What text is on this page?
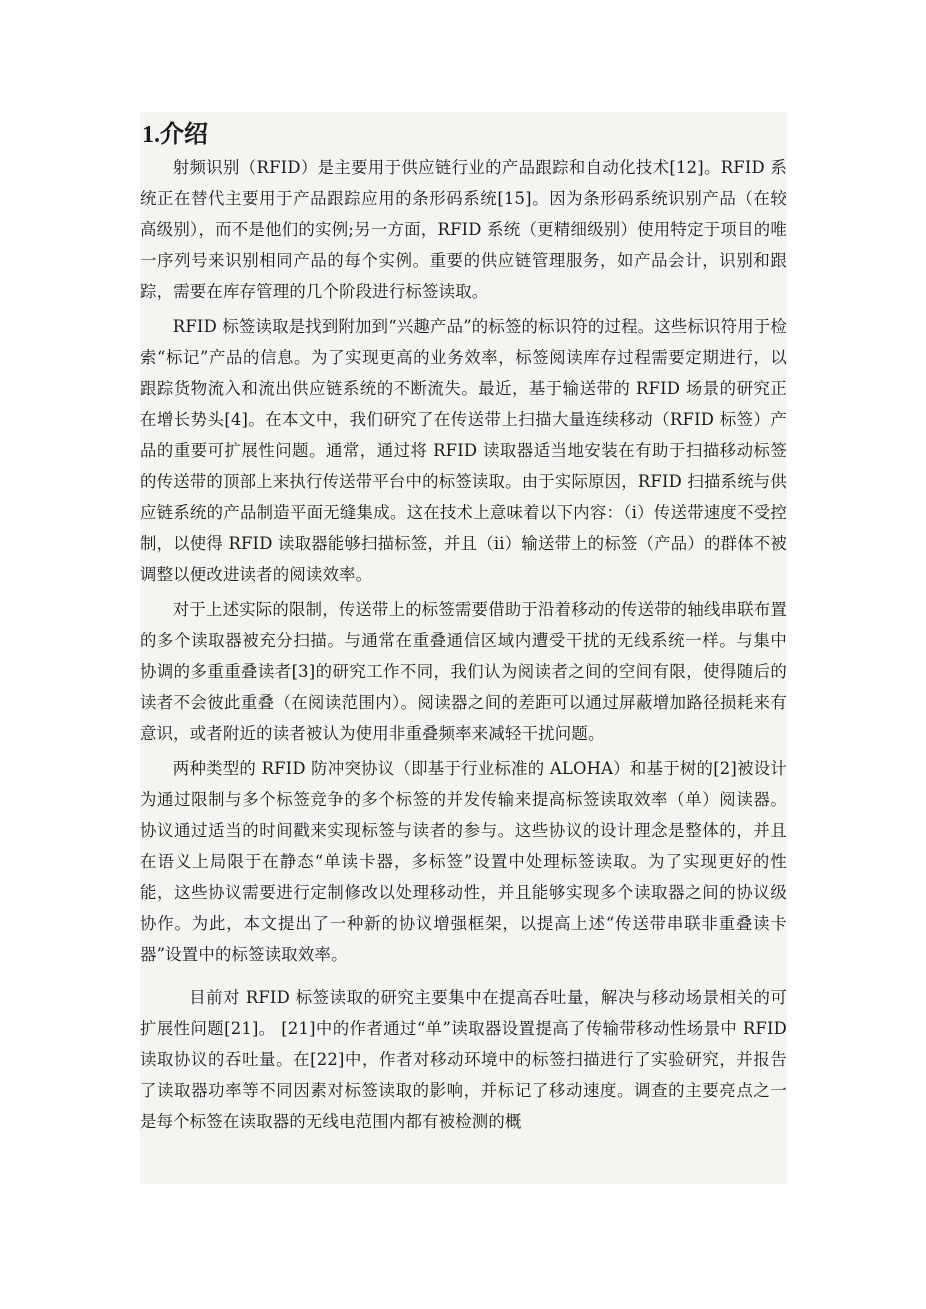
1.介绍

射频识别（RFID）是主要用于供应链行业的产品跟踪和自动化技术[12]。RFID 系统正在替代主要用于产品跟踪应用的条形码系统[15]。因为条形码系统识别产品（在较高级别），而不是他们的实例;另一方面，RFID 系统（更精细级别）使用特定于项目的唯一序列号来识别相同产品的每个实例。重要的供应链管理服务，如产品会计，识别和跟踪，需要在库存管理的几个阶段进行标签读取。

RFID 标签读取是找到附加到“兴趣产品”的标签的标识符的过程。这些标识符用于检索“标记”产品的信息。为了实现更高的业务效率，标签阅读库存过程需要定期进行，以跟踪货物流入和流出供应链系统的不断流失。最近，基于输送带的 RFID 场景的研究正在增长势头[4]。在本文中，我们研究了在传送带上扫描大量连续移动（RFID 标签）产品的重要可扩展性问题。通常，通过将 RFID 读取器适当地安装在有助于扫描移动标签的传送带的顶部上来执行传送带平台中的标签读取。由于实际原因，RFID 扫描系统与供应链系统的产品制造平面无缝集成。这在技术上意味着以下内容：（i）传送带速度不受控制，以使得 RFID 读取器能够扫描标签，并且（ii）输送带上的标签（产品）的群体不被调整以便改进读者的阅读效率。

对于上述实际的限制，传送带上的标签需要借助于沿着移动的传送带的轴线串联布置的多个读取器被充分扫描。与通常在重叠通信区域内遭受干扰的无线系统一样。与集中协调的多重重叠读者[3]的研究工作不同，我们认为阅读者之间的空间有限，使得随后的读者不会彼此重叠（在阅读范围内）。阅读器之间的差距可以通过屏蔽增加路径损耗来有意识，或者附近的读者被认为使用非重叠频率来减轻干扰问题。

两种类型的 RFID 防冲突协议（即基于行业标准的 ALOHA）和基于树的[2]被设计为通过限制与多个标签竞争的多个标签的并发传输来提高标签读取效率（单）阅读器。协议通过适当的时间戳来实现标签与读者的参与。这些协议的设计理念是整体的，并且在语义上局限于在静态“单读卡器，多标签”设置中处理标签读取。为了实现更好的性能，这些协议需要进行定制修改以处理移动性，并且能够实现多个读取器之间的协议级协作。为此，本文提出了一种新的协议增强框架，以提高上述“传送带串联非重叠读卡器”设置中的标签读取效率。

目前对 RFID 标签读取的研究主要集中在提高吞吐量，解决与移动场景相关的可扩展性问题[21]。 [21]中的作者通过“单”读取器设置提高了传输带移动性场景中 RFID 读取协议的吞吐量。在[22]中，作者对移动环境中的标签扫描进行了实验研究，并报告了读取器功率等不同因素对标签读取的影响，并标记了移动速度。调查的主要亮点之一是每个标签在读取器的无线电范围内都有被检测的概
